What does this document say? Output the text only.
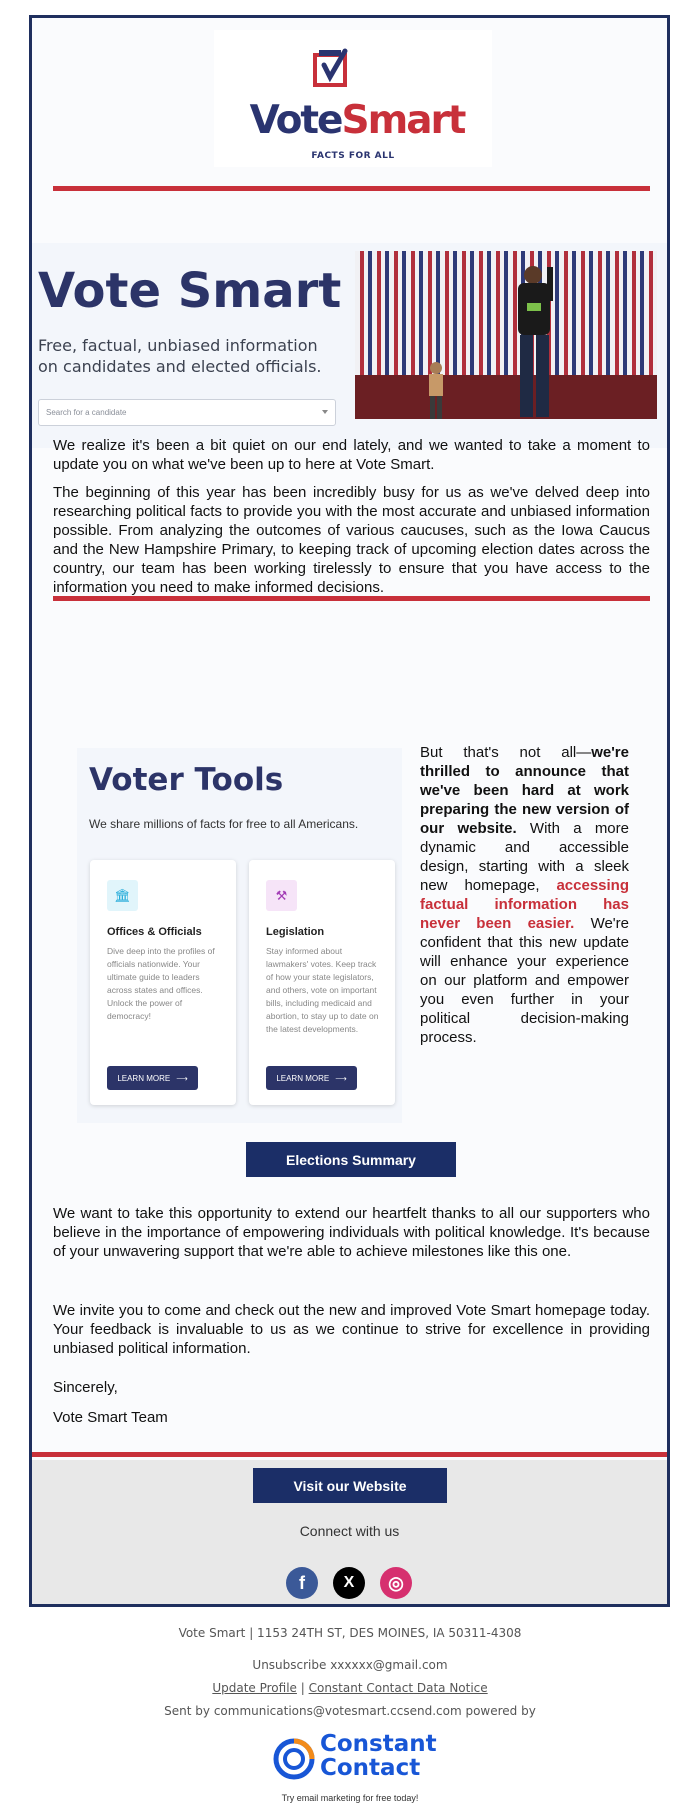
VoteSmart
FACTS FOR ALL
Vote Smart
Free, factual, unbiased information on candidates and elected officials.
Search for a candidate

We realize it's been a bit quiet on our end lately, and we wanted to take a moment to update you on what we've been up to here at Vote Smart.

The beginning of this year has been incredibly busy for us as we've delved deep into researching political facts to provide you with the most accurate and unbiased information possible. From analyzing the outcomes of various caucuses, such as the Iowa Caucus and the New Hampshire Primary, to keeping track of upcoming election dates across the country, our team has been working tirelessly to ensure that you have access to the information you need to make informed decisions.

Voter Tools
We share millions of facts for free to all Americans.
🏛
Offices & Officials
Dive deep into the profiles of officials nationwide. Your ultimate guide to leaders across states and offices. Unlock the power of democracy!
LEARN MORE ⟶
⚒
Legislation
Stay informed about lawmakers' votes. Keep track of how your state legislators, and others, vote on important bills, including medicaid and abortion, to stay up to date on the latest developments.
LEARN MORE ⟶

But that's not all—we're thrilled to announce that we've been hard at work preparing the new version of our website. With a more dynamic and accessible design, starting with a sleek new homepage, accessing factual information has never been easier. We're confident that this new update will enhance your experience on our platform and empower you even further in your political decision-making process.

Elections Summary

We want to take this opportunity to extend our heartfelt thanks to all our supporters who believe in the importance of empowering individuals with political knowledge. It's because of your unwavering support that we're able to achieve milestones like this one.

We invite you to come and check out the new and improved Vote Smart homepage today. Your feedback is invaluable to us as we continue to strive for excellence in providing unbiased political information.

Sincerely,

Vote Smart Team

Visit our Website
Connect with us
f	X	◎
Vote Smart | 1153 24TH ST, DES MOINES, IA 50311-4308
Unsubscribe xxxxxx@gmail.com
Update Profile | Constant Contact Data Notice
Sent by communications@votesmart.ccsend.com powered by
Constant
Contact
Try email marketing for free today!
